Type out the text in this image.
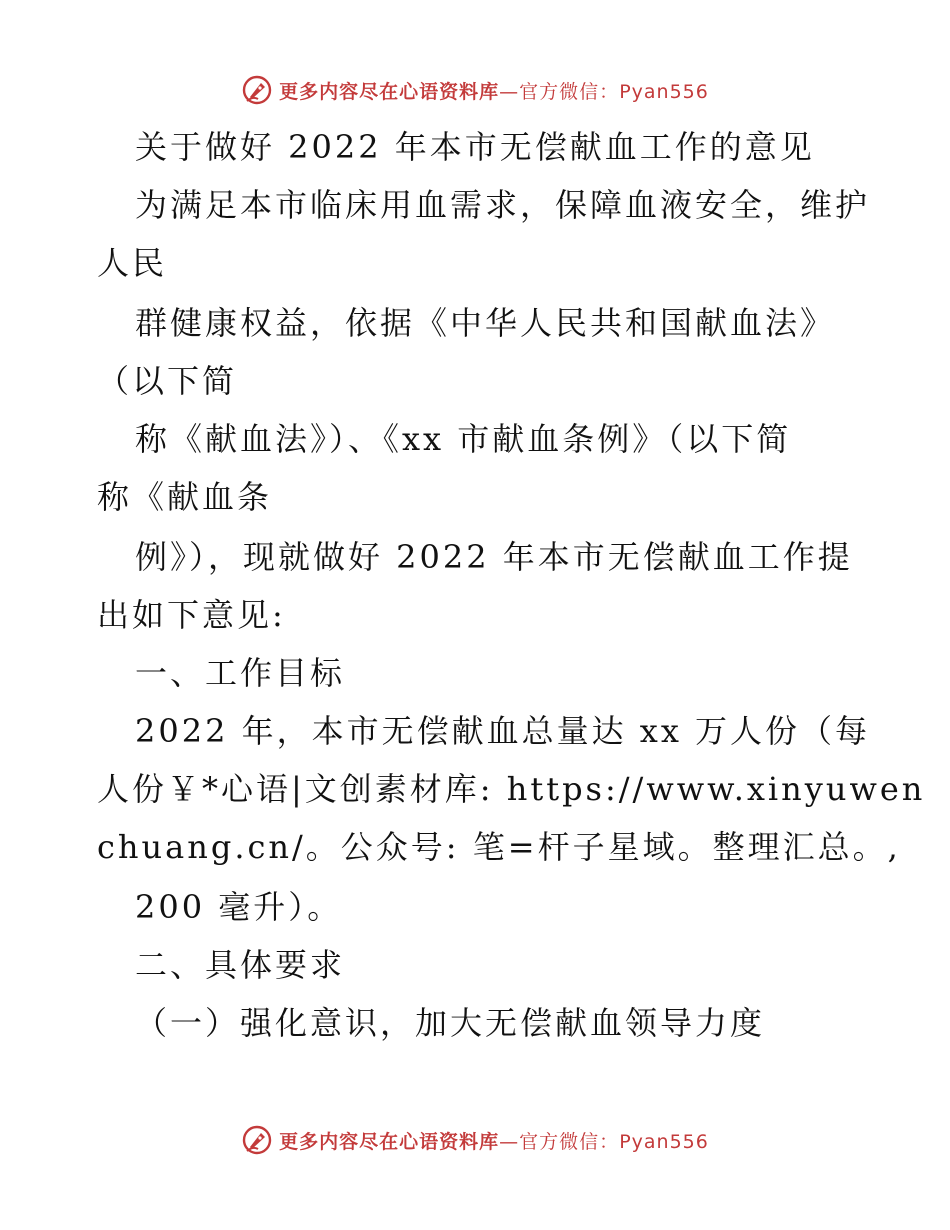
更多内容尽在心语资料库—官方微信：Pyan556
关于做好 2022 年本市无偿献血工作的意见
为满足本市临床用血需求，保障血液安全，维护
人民
群健康权益，依据《中华人民共和国献血法》
（以下简
称《献血法》）、《xx 市献血条例》（以下简
称《献血条
例》），现就做好 2022 年本市无偿献血工作提
出如下意见:
一、工作目标
2022 年，本市无偿献血总量达 xx 万人份（每
人份￥*心语|文创素材库: https://www.xinyuwen
chuang.cn/。公众号: 笔=杆子星域。整理汇总。,
200 毫升）。
二、具体要求
（一）强化意识，加大无偿献血领导力度
更多内容尽在心语资料库—官方微信：Pyan556
